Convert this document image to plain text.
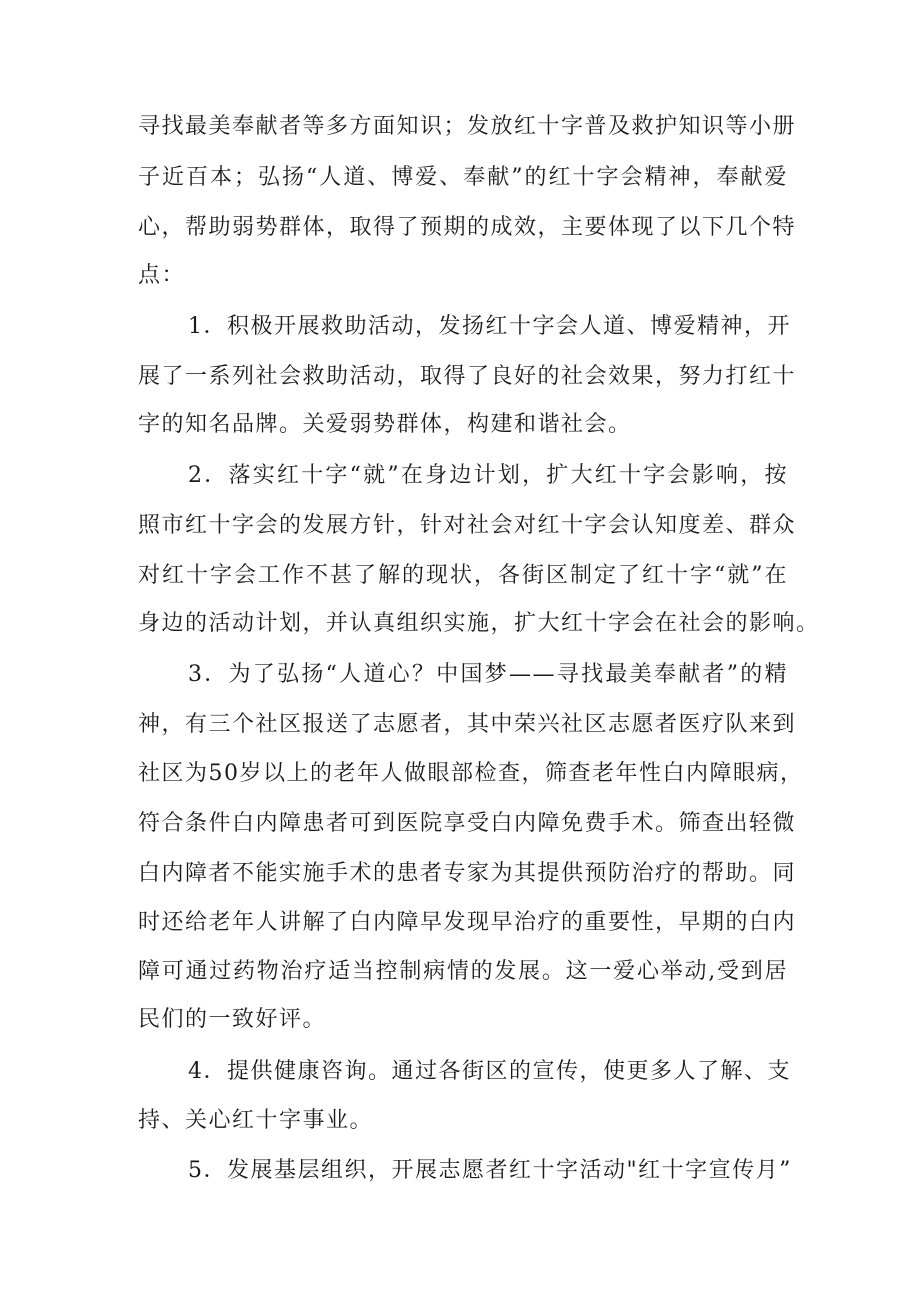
寻找最美奉献者等多方面知识；发放红十字普及救护知识等小册
子近百本；弘扬“人道、博爱、奉献”的红十字会精神，奉献爱
心，帮助弱势群体，取得了预期的成效，主要体现了以下几个特
点：
1．积极开展救助活动，发扬红十字会人道、博爱精神，开
展了一系列社会救助活动，取得了良好的社会效果，努力打红十
字的知名品牌。关爱弱势群体，构建和谐社会。
2．落实红十字“就”在身边计划，扩大红十字会影响，按
照市红十字会的发展方针，针对社会对红十字会认知度差、群众
对红十字会工作不甚了解的现状，各街区制定了红十字“就”在
身边的活动计划，并认真组织实施，扩大红十字会在社会的影响。
3．为了弘扬“人道心？中国梦——寻找最美奉献者”的精
神，有三个社区报送了志愿者，其中荣兴社区志愿者医疗队来到
社区为50岁以上的老年人做眼部检查，筛查老年性白内障眼病，
符合条件白内障患者可到医院享受白内障免费手术。筛查出轻微
白内障者不能实施手术的患者专家为其提供预防治疗的帮助。同
时还给老年人讲解了白内障早发现早治疗的重要性，早期的白内
障可通过药物治疗适当控制病情的发展。这一爱心举动,受到居
民们的一致好评。
4．提供健康咨询。通过各街区的宣传，使更多人了解、支
持、关心红十字事业。
5．发展基层组织，开展志愿者红十字活动"红十字宣传月”
